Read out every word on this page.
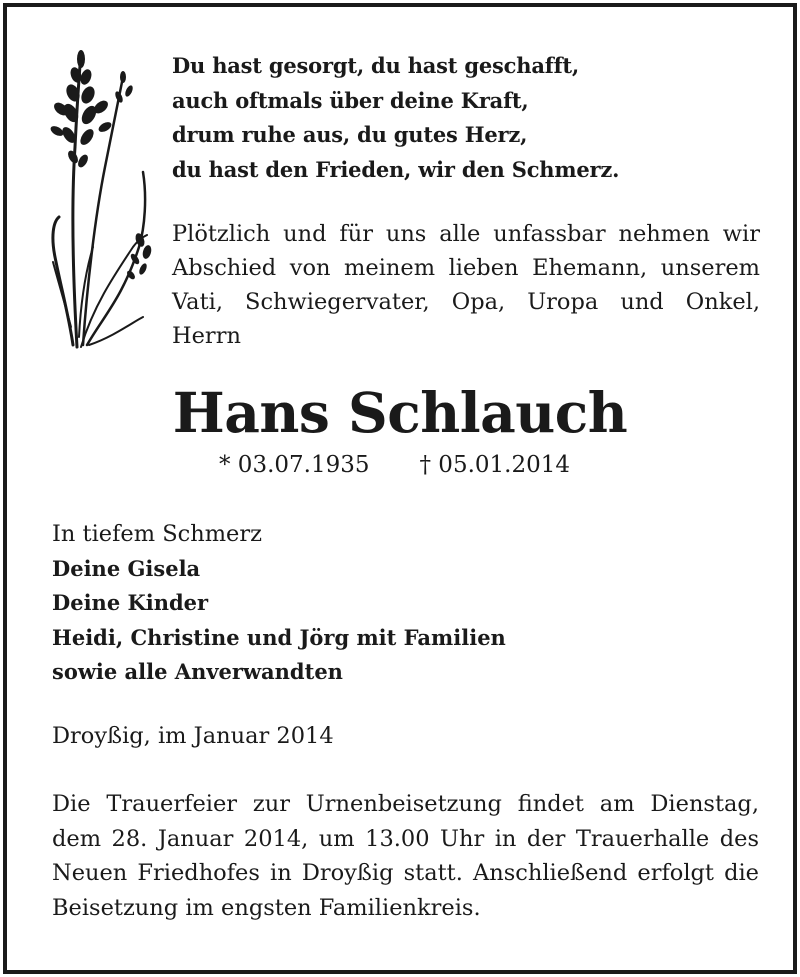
Du hast gesorgt, du hast geschafft,
auch oftmals über deine Kraft,
drum ruhe aus, du gutes Herz,
du hast den Frieden, wir den Schmerz.
Plötzlich und für uns alle unfassbar nehmen wir Abschied von meinem lieben Ehemann, unserem Vati, Schwiegervater, Opa, Uropa und Onkel, Herrn
Hans Schlauch
* 03.07.1935 † 05.01.2014
In tiefem Schmerz
Deine Gisela
Deine Kinder
Heidi, Christine und Jörg mit Familien
sowie alle Anverwandten
Droyßig, im Januar 2014
Die Trauerfeier zur Urnenbeisetzung findet am Dienstag, dem 28. Januar 2014, um 13.00 Uhr in der Trauerhalle des Neuen Friedhofes in Droyßig statt. Anschließend erfolgt die Beisetzung im engsten Familienkreis.
